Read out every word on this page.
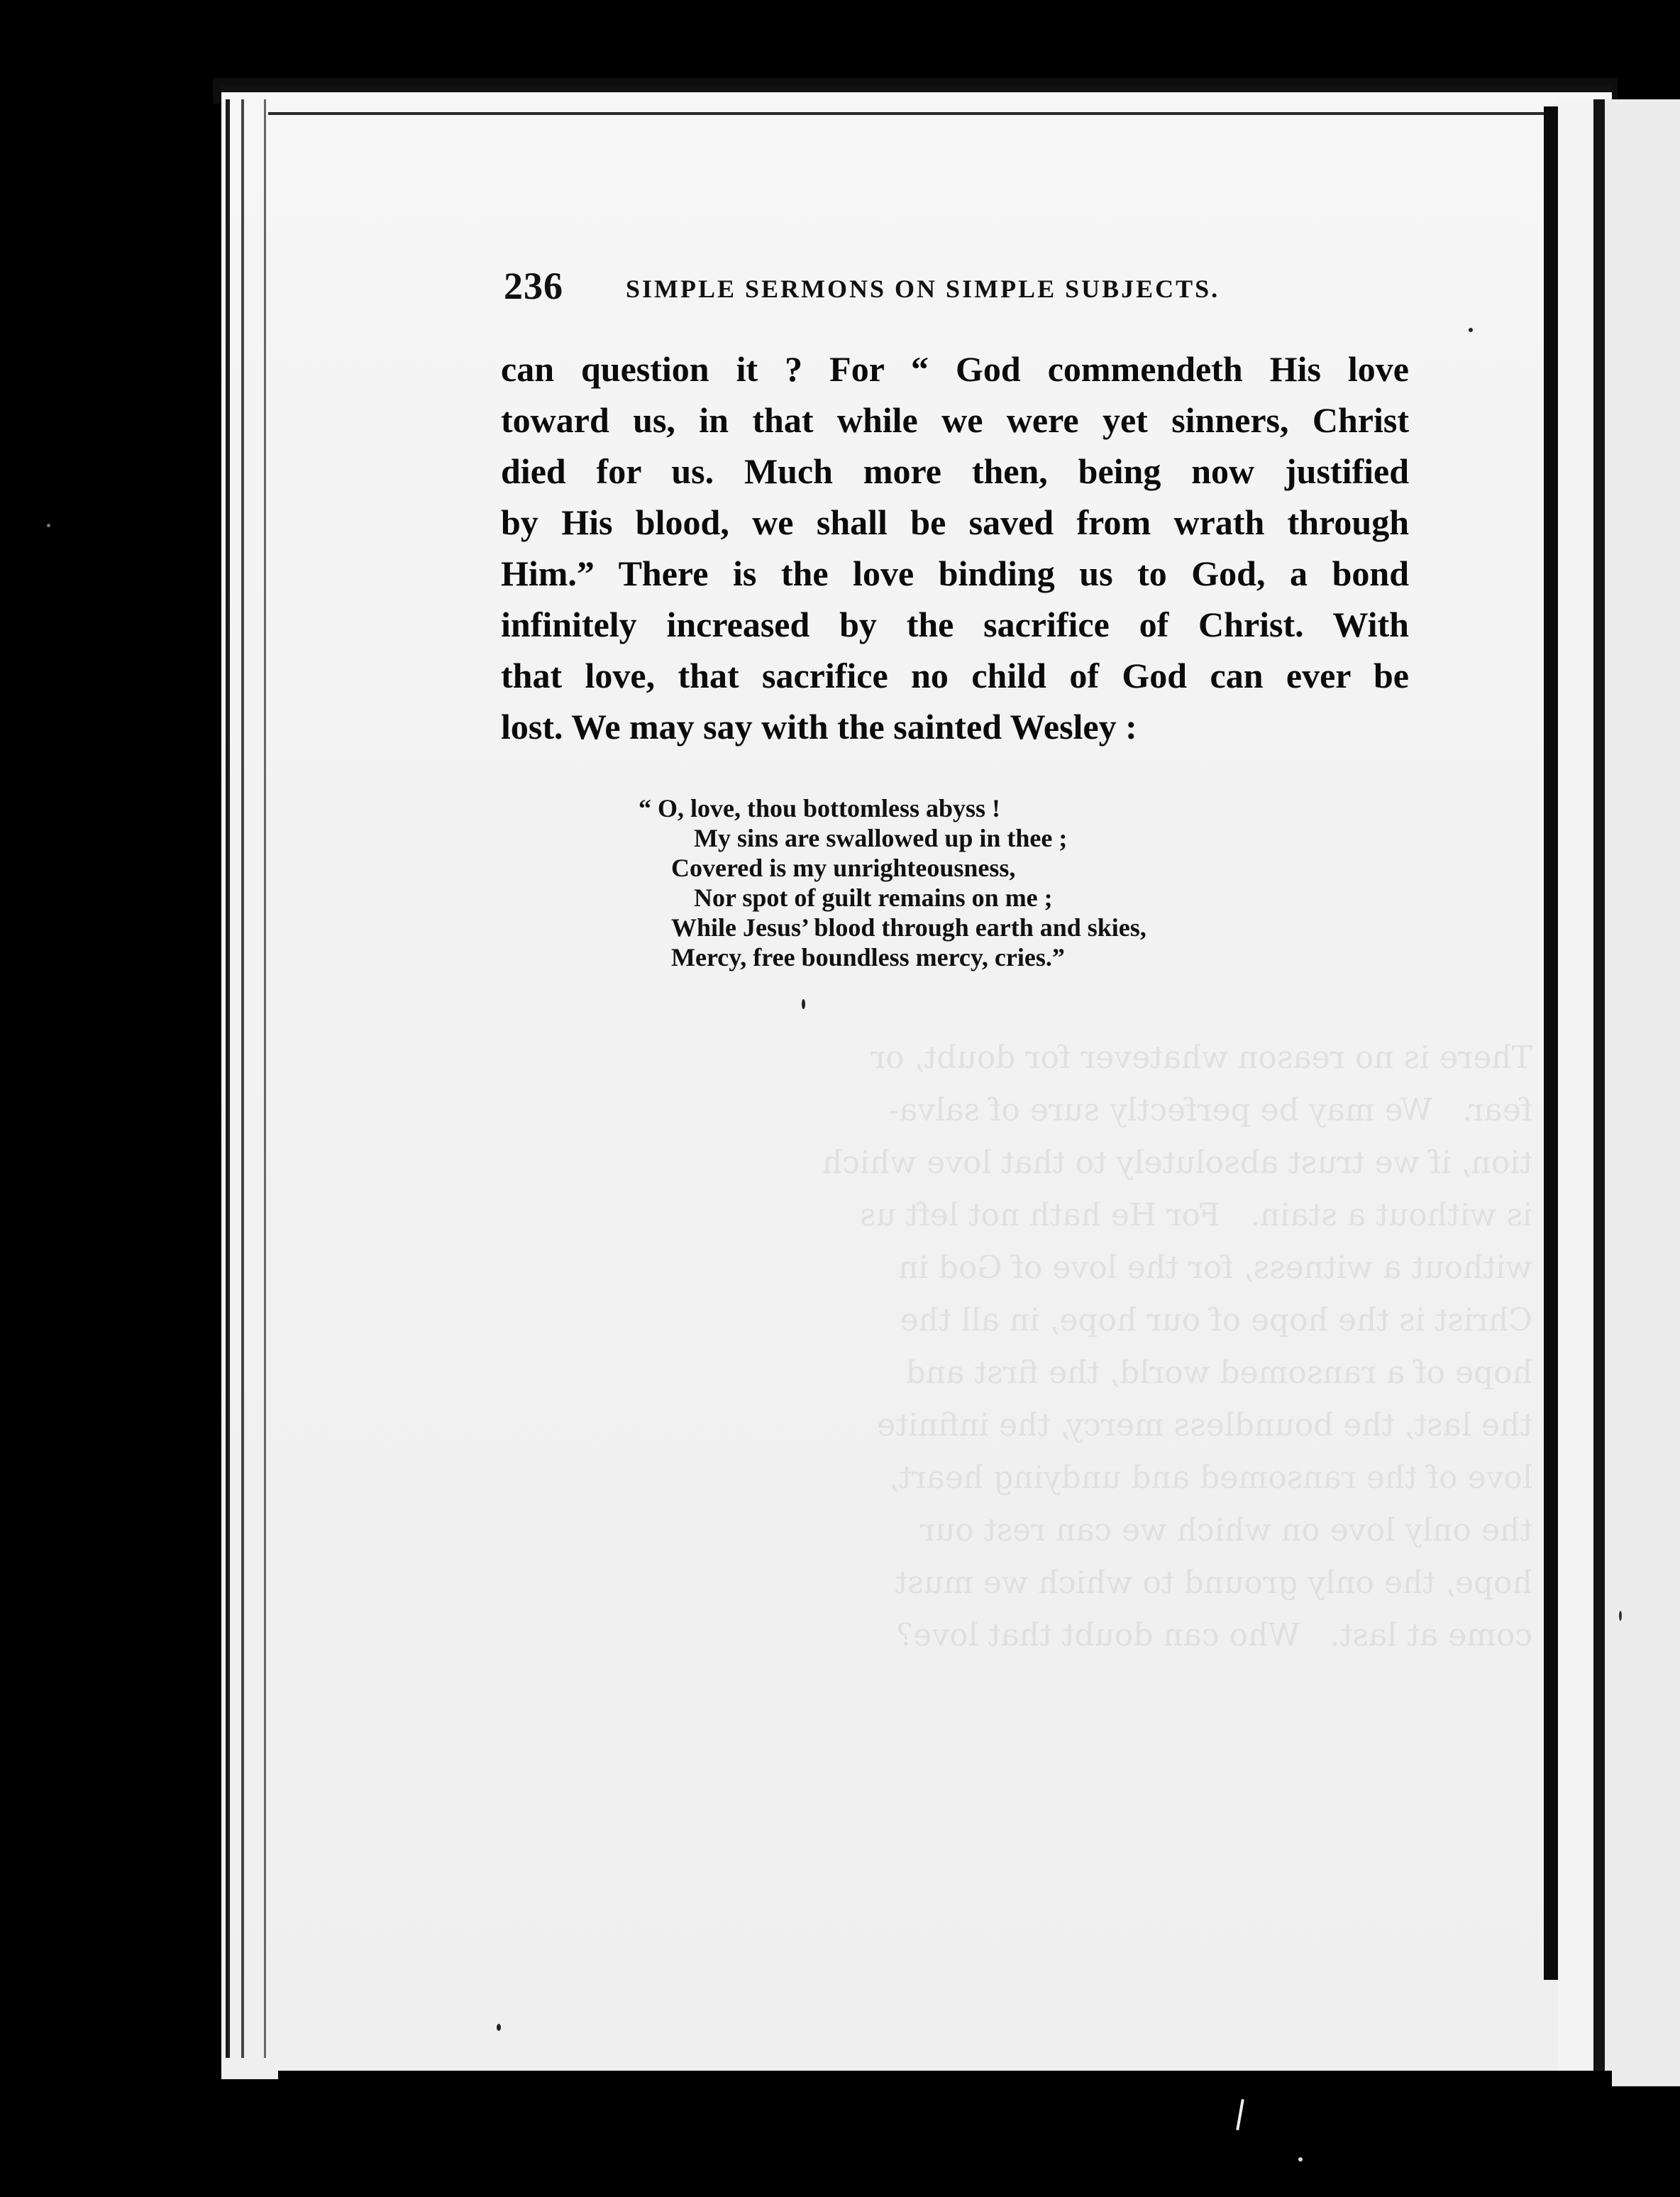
236 SIMPLE SERMONS ON SIMPLE SUBJECTS.
can question it ? For “ God commendeth His love
toward us, in that while we were yet sinners, Christ
died for us. Much more then, being now justified
by His blood, we shall be saved from wrath through
Him.” There is the love binding us to God, a bond
infinitely increased by the sacrifice of Christ. With
that love, that sacrifice no child of God can ever be
lost. We may say with the sainted Wesley :
“ O, love, thou bottomless abyss !
My sins are swallowed up in thee ;
Covered is my unrighteousness,
Nor spot of guilt remains on me ;
While Jesus’ blood through earth and skies,
Mercy, free boundless mercy, cries.”
